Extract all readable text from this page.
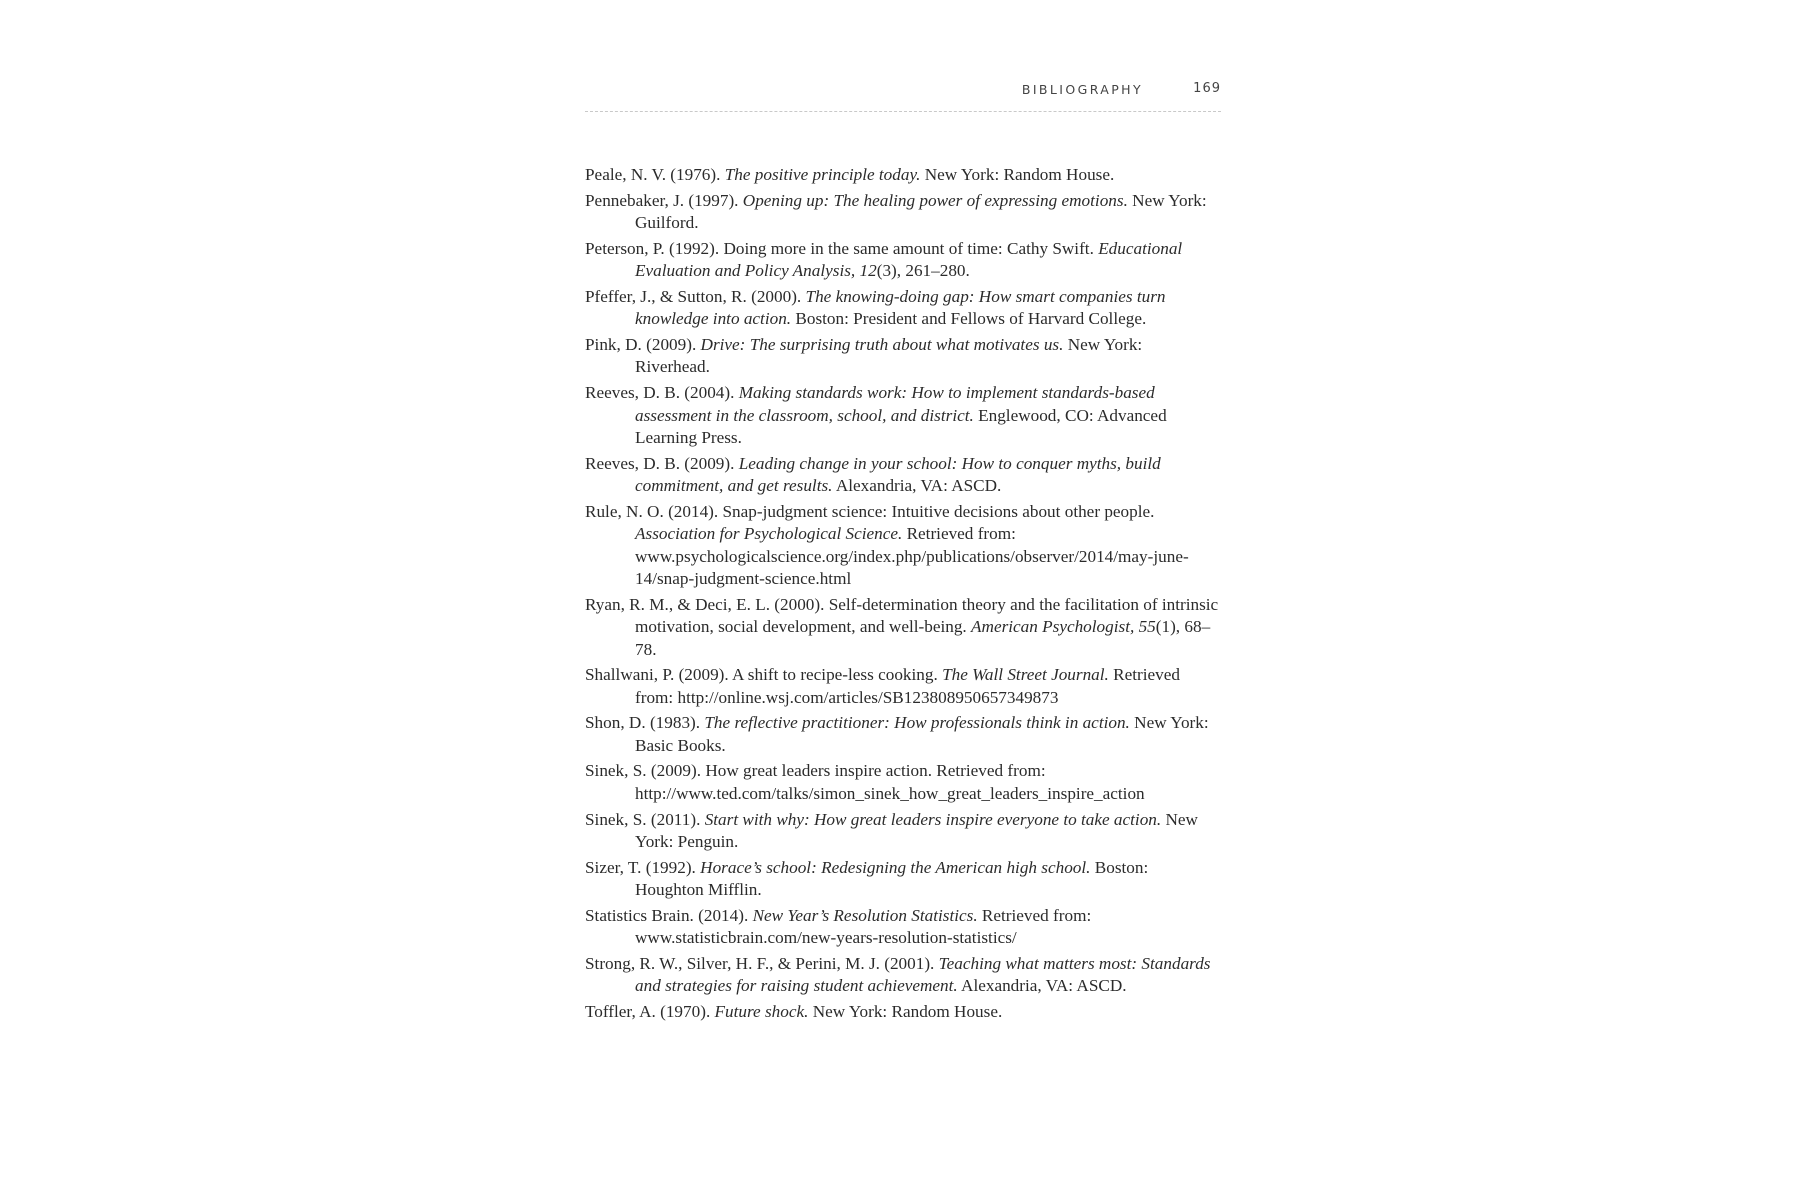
BIBLIOGRAPHY	169
Peale, N. V. (1976). The positive principle today. New York: Random House.
Pennebaker, J. (1997). Opening up: The healing power of expressing emotions. New York: Guilford.
Peterson, P. (1992). Doing more in the same amount of time: Cathy Swift. Educational Evaluation and Policy Analysis, 12(3), 261–280.
Pfeffer, J., & Sutton, R. (2000). The knowing-doing gap: How smart companies turn knowledge into action. Boston: President and Fellows of Harvard College.
Pink, D. (2009). Drive: The surprising truth about what motivates us. New York: Riverhead.
Reeves, D. B. (2004). Making standards work: How to implement standards-based assessment in the classroom, school, and district. Englewood, CO: Advanced Learning Press.
Reeves, D. B. (2009). Leading change in your school: How to conquer myths, build commitment, and get results. Alexandria, VA: ASCD.
Rule, N. O. (2014). Snap-judgment science: Intuitive decisions about other people. Association for Psychological Science. Retrieved from: www.psychologicalscience.org/index.php/publications/observer/2014/may-june-14/snap-judgment-science.html
Ryan, R. M., & Deci, E. L. (2000). Self-determination theory and the facilitation of intrinsic motivation, social development, and well-being. American Psychologist, 55(1), 68–78.
Shallwani, P. (2009). A shift to recipe-less cooking. The Wall Street Journal. Retrieved from: http://online.wsj.com/articles/SB123808950657349873
Shon, D. (1983). The reflective practitioner: How professionals think in action. New York: Basic Books.
Sinek, S. (2009). How great leaders inspire action. Retrieved from: http://www.ted.com/talks/simon_sinek_how_great_leaders_inspire_action
Sinek, S. (2011). Start with why: How great leaders inspire everyone to take action. New York: Penguin.
Sizer, T. (1992). Horace’s school: Redesigning the American high school. Boston: Houghton Mifflin.
Statistics Brain. (2014). New Year’s Resolution Statistics. Retrieved from: www.statisticbrain.com/new-years-resolution-statistics/
Strong, R. W., Silver, H. F., & Perini, M. J. (2001). Teaching what matters most: Standards and strategies for raising student achievement. Alexandria, VA: ASCD.
Toffler, A. (1970). Future shock. New York: Random House.
